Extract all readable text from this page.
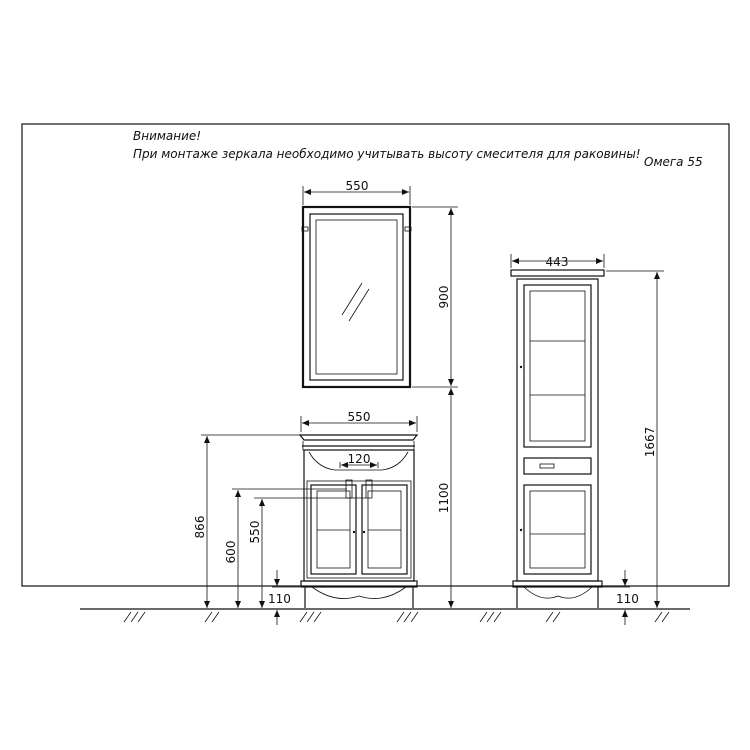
Внимание!
При монтаже зеркала необходимо учитывать высоту смесителя для раковины!
Омега 55
550
900
1100
550
120
866
600
550
110
443
1667
110
